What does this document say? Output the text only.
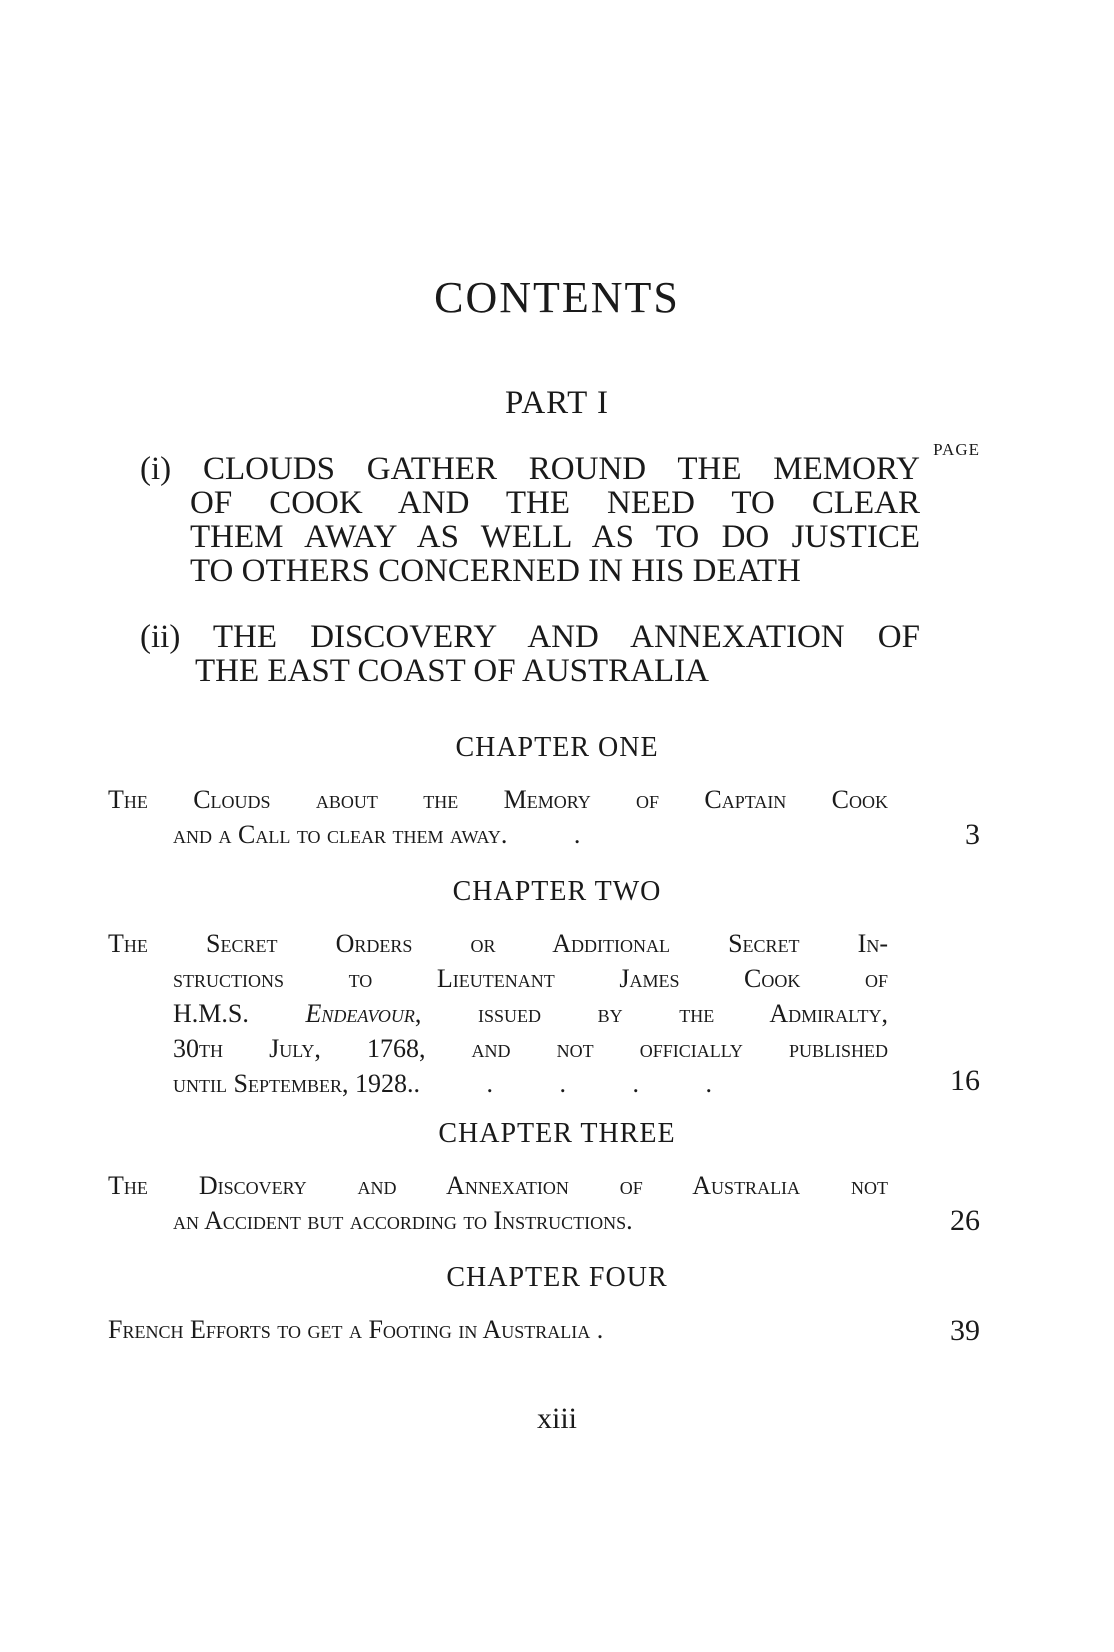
CONTENTS
PART I
PAGE
(i) CLOUDS GATHER ROUND THE MEMORY
OF COOK AND THE NEED TO CLEAR
THEM AWAY AS WELL AS TO DO JUSTICE
TO OTHERS CONCERNED IN HIS DEATH
(ii) THE DISCOVERY AND ANNEXATION OF
THE EAST COAST OF AUSTRALIA
CHAPTER ONE
The Clouds about the Memory of Captain Cook
and a Call to clear them away . .	3
CHAPTER TWO
The Secret Orders or Additional Secret In-
structions to Lieutenant James Cook of
H.M.S. Endeavour, issued by the Admiralty,
30th July, 1768, and not officially published
until September, 1928. . . . . .	16
CHAPTER THREE
The Discovery and Annexation of Australia not
an Accident but according to Instructions.	26
CHAPTER FOUR
French Efforts to get a Footing in Australia .	39
xiii
